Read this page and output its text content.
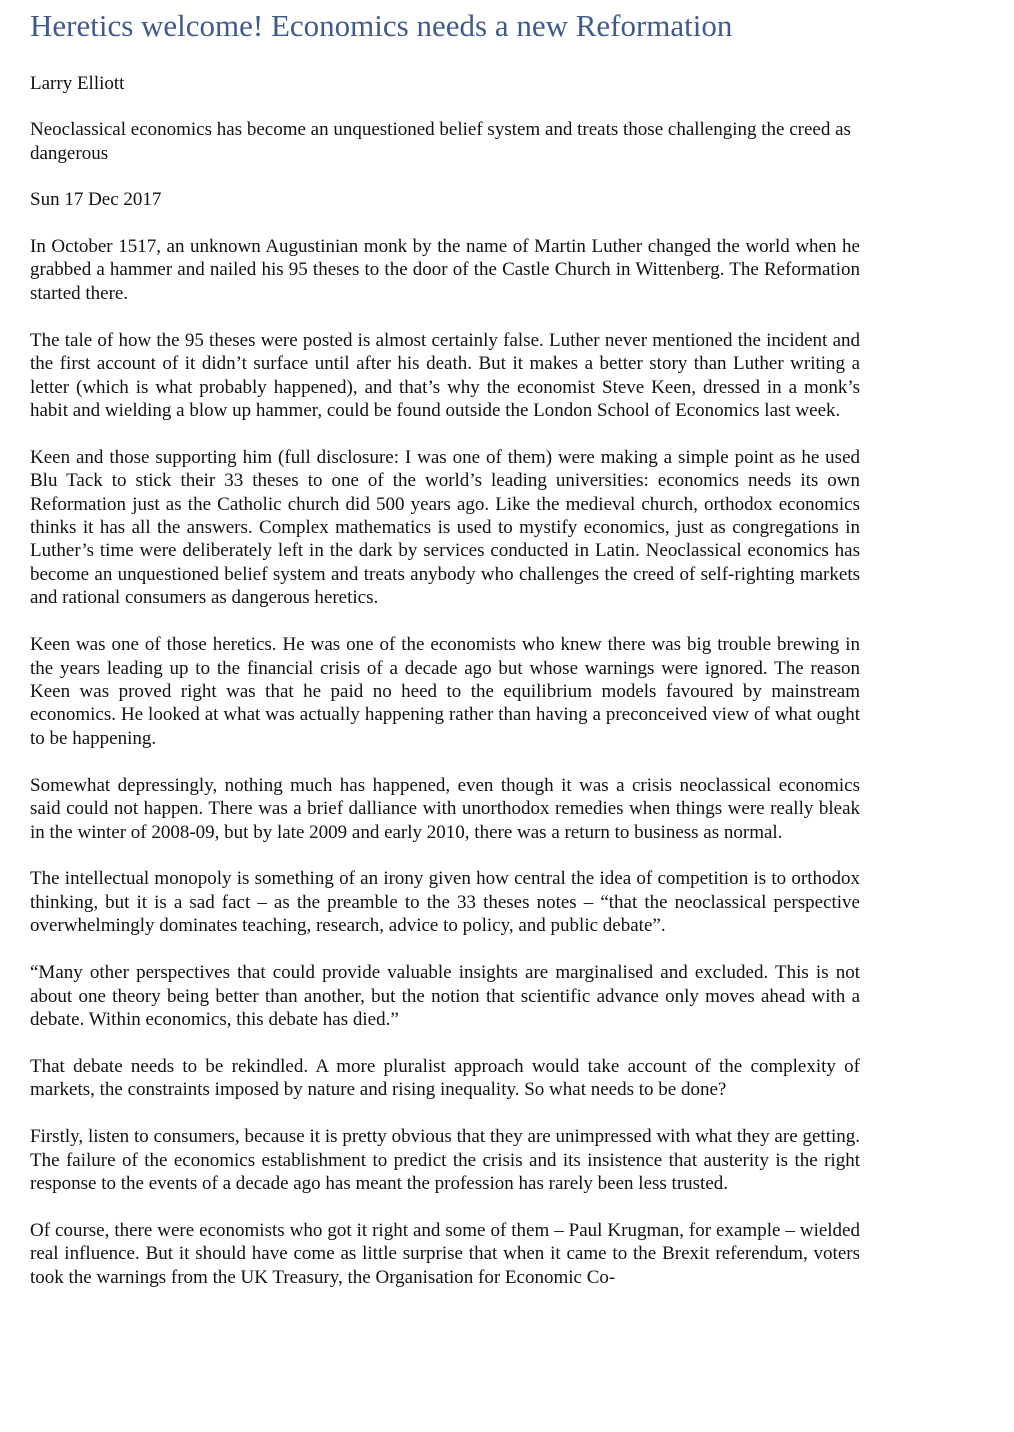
Heretics welcome! Economics needs a new Reformation

Larry Elliott

Neoclassical economics has become an unquestioned belief system and treats those challenging the creed as dangerous

Sun 17 Dec 2017

In October 1517, an unknown Augustinian monk by the name of Martin Luther changed the world when he grabbed a hammer and nailed his 95 theses to the door of the Castle Church in Wittenberg. The Reformation started there.

The tale of how the 95 theses were posted is almost certainly false. Luther never mentioned the incident and the first account of it didn’t surface until after his death. But it makes a better story than Luther writing a letter (which is what probably happened), and that’s why the economist Steve Keen, dressed in a monk’s habit and wielding a blow up hammer, could be found outside the London School of Economics last week.

Keen and those supporting him (full disclosure: I was one of them) were making a simple point as he used Blu Tack to stick their 33 theses to one of the world’s leading universities: economics needs its own Reformation just as the Catholic church did 500 years ago. Like the medieval church, orthodox economics thinks it has all the answers. Complex mathematics is used to mystify economics, just as congregations in Luther’s time were deliberately left in the dark by services conducted in Latin. Neoclassical economics has become an unquestioned belief system and treats anybody who challenges the creed of self-righting markets and rational consumers as dangerous heretics.

Keen was one of those heretics. He was one of the economists who knew there was big trouble brewing in the years leading up to the financial crisis of a decade ago but whose warnings were ignored. The reason Keen was proved right was that he paid no heed to the equilibrium models favoured by mainstream economics. He looked at what was actually happening rather than having a preconceived view of what ought to be happening.

Somewhat depressingly, nothing much has happened, even though it was a crisis neoclassical economics said could not happen. There was a brief dalliance with unorthodox remedies when things were really bleak in the winter of 2008-09, but by late 2009 and early 2010, there was a return to business as normal.

The intellectual monopoly is something of an irony given how central the idea of competition is to orthodox thinking, but it is a sad fact – as the preamble to the 33 theses notes – “that the neoclassical perspective overwhelmingly dominates teaching, research, advice to policy, and public debate”.

“Many other perspectives that could provide valuable insights are marginalised and excluded. This is not about one theory being better than another, but the notion that scientific advance only moves ahead with a debate. Within economics, this debate has died.”

That debate needs to be rekindled. A more pluralist approach would take account of the complexity of markets, the constraints imposed by nature and rising inequality. So what needs to be done?

Firstly, listen to consumers, because it is pretty obvious that they are unimpressed with what they are getting. The failure of the economics establishment to predict the crisis and its insistence that austerity is the right response to the events of a decade ago has meant the profession has rarely been less trusted.

Of course, there were economists who got it right and some of them – Paul Krugman, for example – wielded real influence. But it should have come as little surprise that when it came to the Brexit referendum, voters took the warnings from the UK Treasury, the Organisation for Economic Co-
